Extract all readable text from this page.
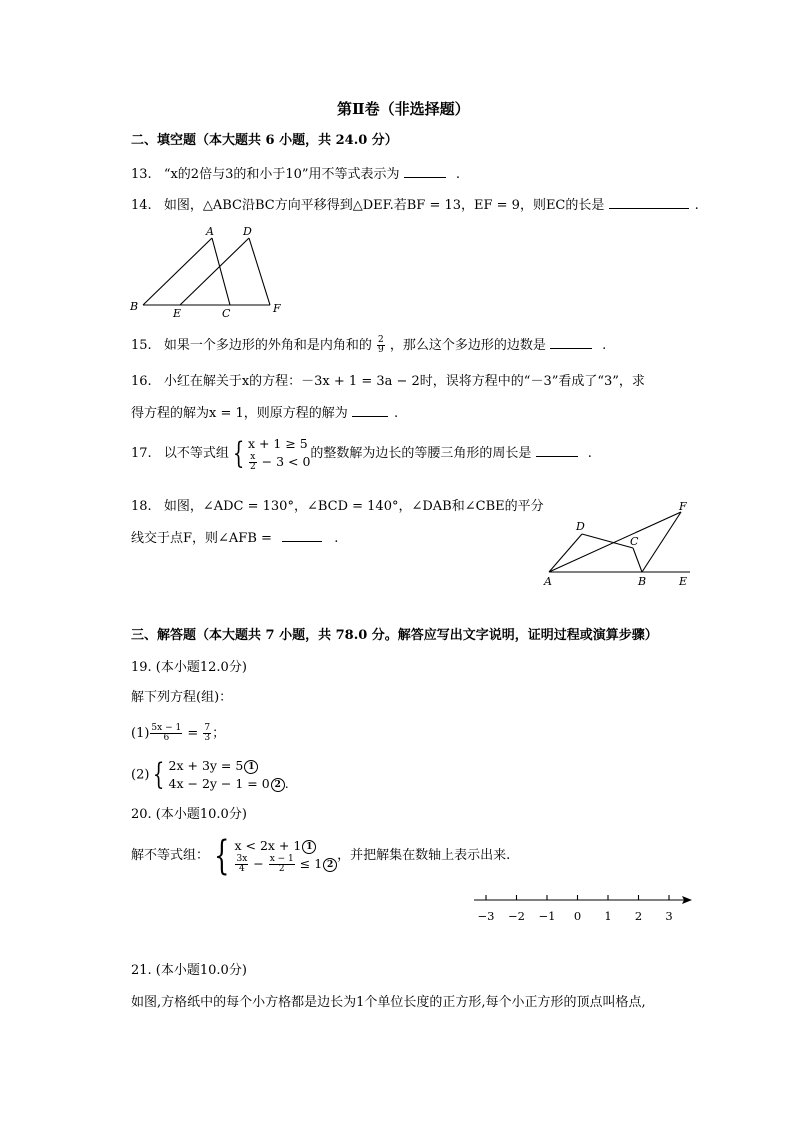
第Ⅱ卷（非选择题）
二、填空题（本大题共 6 小题，共 24.0 分）
13. “x的2倍与3的和小于10”用不等式表示为	.
14. 如图，△ABC沿BC方向平移得到△DEF.若BF = 13，EF = 9，则EC的长是	.
A	D
B
E	C	F
15. 如果一个多边形的外角和是内角和的 $\frac{2}{9}$ ，那么这个多边形的边数是	.
16. 小红在解关于x的方程：－3x + 1 = 3a − 2时，误将方程中的“－3”看成了“3”，求
得方程的解为x = 1，则原方程的解为	.
17. 以不等式组 { x + 1 ≥ 5
$\frac{x}{2} - 3 < 0$
的整数解为边长的等腰三角形的周长是	.
18. 如图，∠ADC = 130°，∠BCD = 140°，∠DAB和∠CBE的平分
线交于点F，则∠AFB =	.
D
C
F
A	B	E
三、解答题（本大题共 7 小题，共 78.0 分。解答应写出文字说明，证明过程或演算步骤）
19. (本小题12.0分)
解下列方程(组)：
$(1) \frac{5x - 1}{6} = \frac{7}{3}$ ；
(2) { 2x + 3y = 5 1
4x − 2y − 1 = 0 2 .
20. (本小题10.0分)
解不等式组： { x < 2x + 1 1
$\frac{3x}{4} - \frac{x - 1}{2} \le 1$ 2
，并把解集在数轴上表示出来.
−3 −2 −1 0 1 2 3
21. (本小题10.0分)
如图,方格纸中的每个小方格都是边长为1个单位长度的正方形,每个小正方形的顶点叫格点,
